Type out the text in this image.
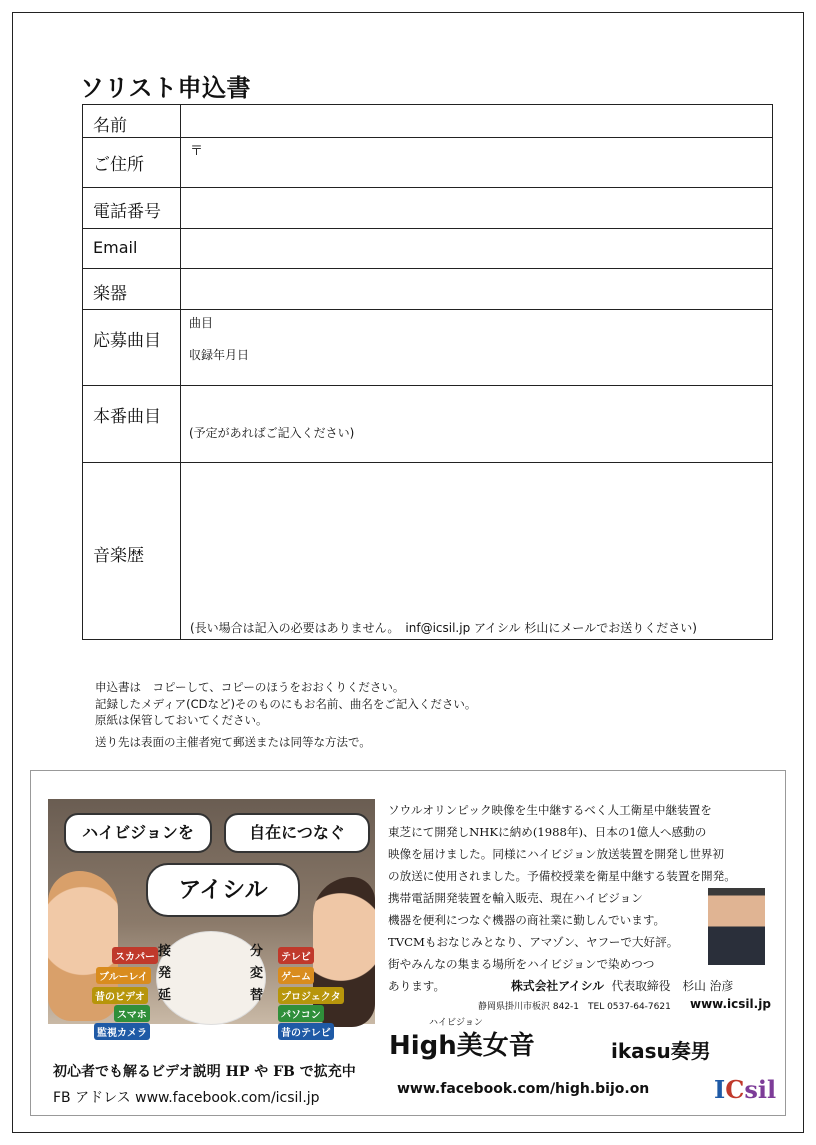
ソリスト申込書
名前	

ご住所	〒

電話番号	

Email	

楽器	

応募曲目	曲目
収録年月日

本番曲目	(予定があればご記入ください)

音楽歴	(長い場合は記入の必要はありません。　inf@icsil.jp アイシル 杉山にメールでお送りください)
申込書は　コピーして、コピーのほうをおおくりください。
記録したメディア(CDなど)そのものにもお名前、曲名をご記入ください。
原紙は保管しておいてください。
送り先は表面の主催者宛て郵送または同等な方法で。
ハイビジョンを	自在につなぐ
アイシル
スカパー
ブルーレイ
昔のビデオ
スマホ
テレビ
ゲーム
プロジェクタ
パソコン
接発延
分変替
監視カメラ	昔のテレビ
初心者でも解るビデオ説明 HP や FB で拡充中
FB アドレス www.facebook.com/icsil.jp
ソウルオリンピック映像を生中継するべく人工衛星中継装置を
東芝にて開発しNHKに納め(1988年)、日本の1億人へ感動の
映像を届けました。同様にハイビジョン放送装置を開発し世界初
の放送に使用されました。予備校授業を衛星中継する装置を開発。
携帯電話開発装置を輸入販売、現在ハイビジョン
機器を便利につなぐ機器の商社業に勤しんでいます。
TVCMもおなじみとなり、アマゾン、ヤフーで大好評。
街やみんなの集まる場所をハイビジョンで染めつつ
あります。	株式会社アイシル 代表取締役　杉山 治彦
静岡県掛川市板沢 842-1　TEL 0537-64-7621 www.icsil.jp
ハイビジョン
High美女音	ikasu奏男
www.facebook.com/high.bijo.on	ICsil
